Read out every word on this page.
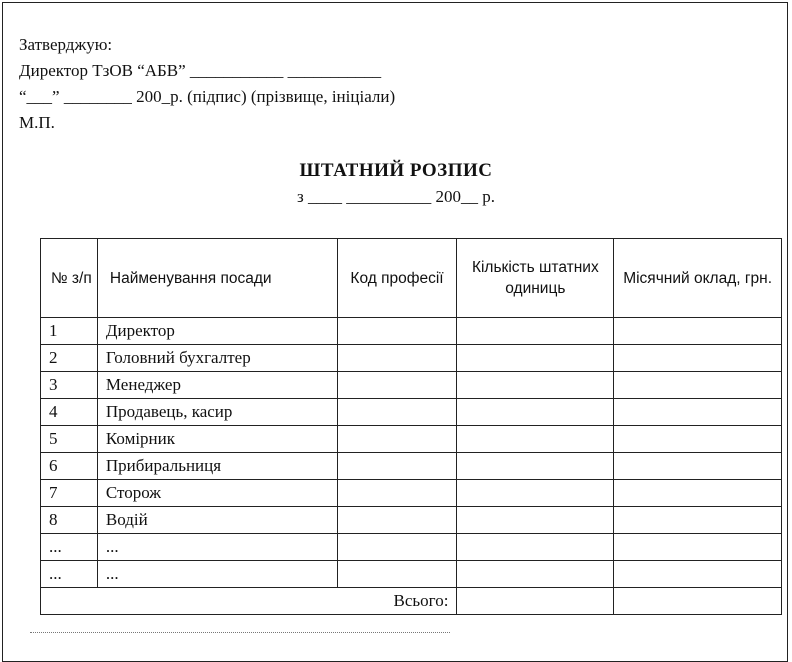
Затверджую:
Директор ТзОВ “АБВ” ___________ ___________
“___” ________ 200_р. (підпис) (прізвище, ініціали)
М.П.
ШТАТНИЙ РОЗПИС
з ____ __________ 200__ р.
№ з/п	Найменування посади	Код професії	Кількість штатних одиниць	Місячний оклад, грн.
1	Директор			
2	Головний бухгалтер			
3	Менеджер			
4	Продавець, касир			
5	Комірник			
6	Прибиральниця			
7	Сторож			
8	Водій			
...	...			
...	...			
Всього:				
